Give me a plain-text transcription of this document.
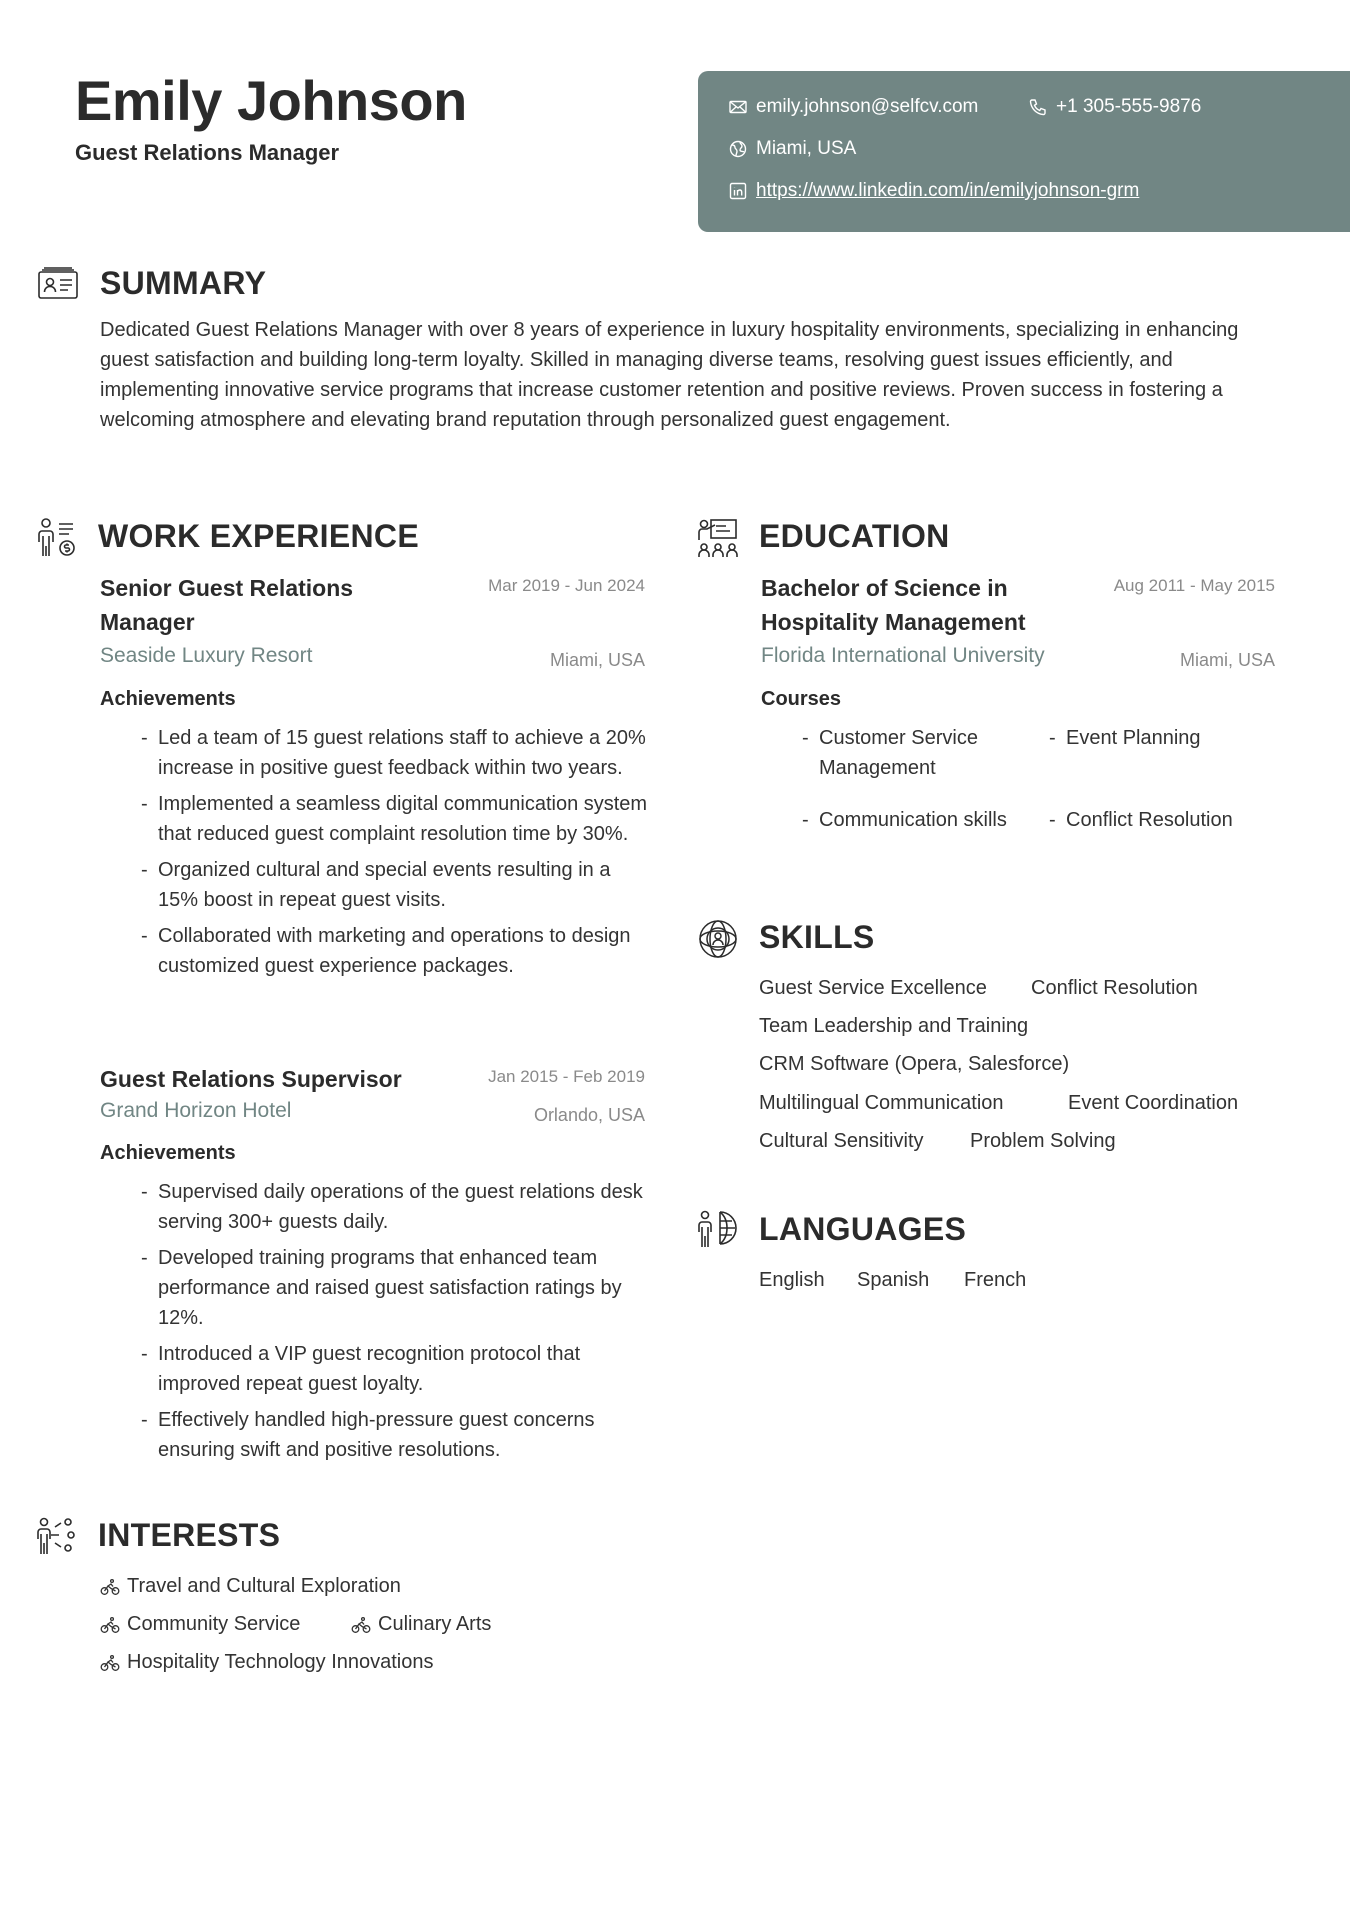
Emily Johnson
Guest Relations Manager
emily.johnson@selfcv.com	+1 305-555-9876
Miami, USA
https://www.linkedin.com/in/emilyjohnson-grm
SUMMARY
Dedicated Guest Relations Manager with over 8 years of experience in luxury hospitality environments, specializing in enhancing guest satisfaction and building long-term loyalty. Skilled in managing diverse teams, resolving guest issues efficiently, and implementing innovative service programs that increase customer retention and positive reviews. Proven success in fostering a welcoming atmosphere and elevating brand reputation through personalized guest engagement.
WORK EXPERIENCE
Senior Guest Relations Manager
Mar 2019 - Jun 2024
Seaside Luxury Resort	Miami, USA
Achievements
- Led a team of 15 guest relations staff to achieve a 20% increase in positive guest feedback within two years.
- Implemented a seamless digital communication system that reduced guest complaint resolution time by 30%.
- Organized cultural and special events resulting in a 15% boost in repeat guest visits.
- Collaborated with marketing and operations to design customized guest experience packages.
Guest Relations Supervisor	Jan 2015 - Feb 2019
Grand Horizon Hotel	Orlando, USA
Achievements
- Supervised daily operations of the guest relations desk serving 300+ guests daily.
- Developed training programs that enhanced team performance and raised guest satisfaction ratings by 12%.
- Introduced a VIP guest recognition protocol that improved repeat guest loyalty.
- Effectively handled high-pressure guest concerns ensuring swift and positive resolutions.
EDUCATION
Bachelor of Science in Hospitality Management
Aug 2011 - May 2015
Florida International University	Miami, USA
Courses
- Customer Service Management
- Event Planning
- Communication skills
-	Conflict Resolution
SKILLS
Guest Service Excellence Conflict Resolution
Team Leadership and Training
CRM Software (Opera, Salesforce)
Multilingual Communication	Event Coordination
Cultural Sensitivity Problem Solving
LANGUAGES
English Spanish French
INTERESTS
Travel and Cultural Exploration
Community Service	Culinary Arts
Hospitality Technology Innovations
